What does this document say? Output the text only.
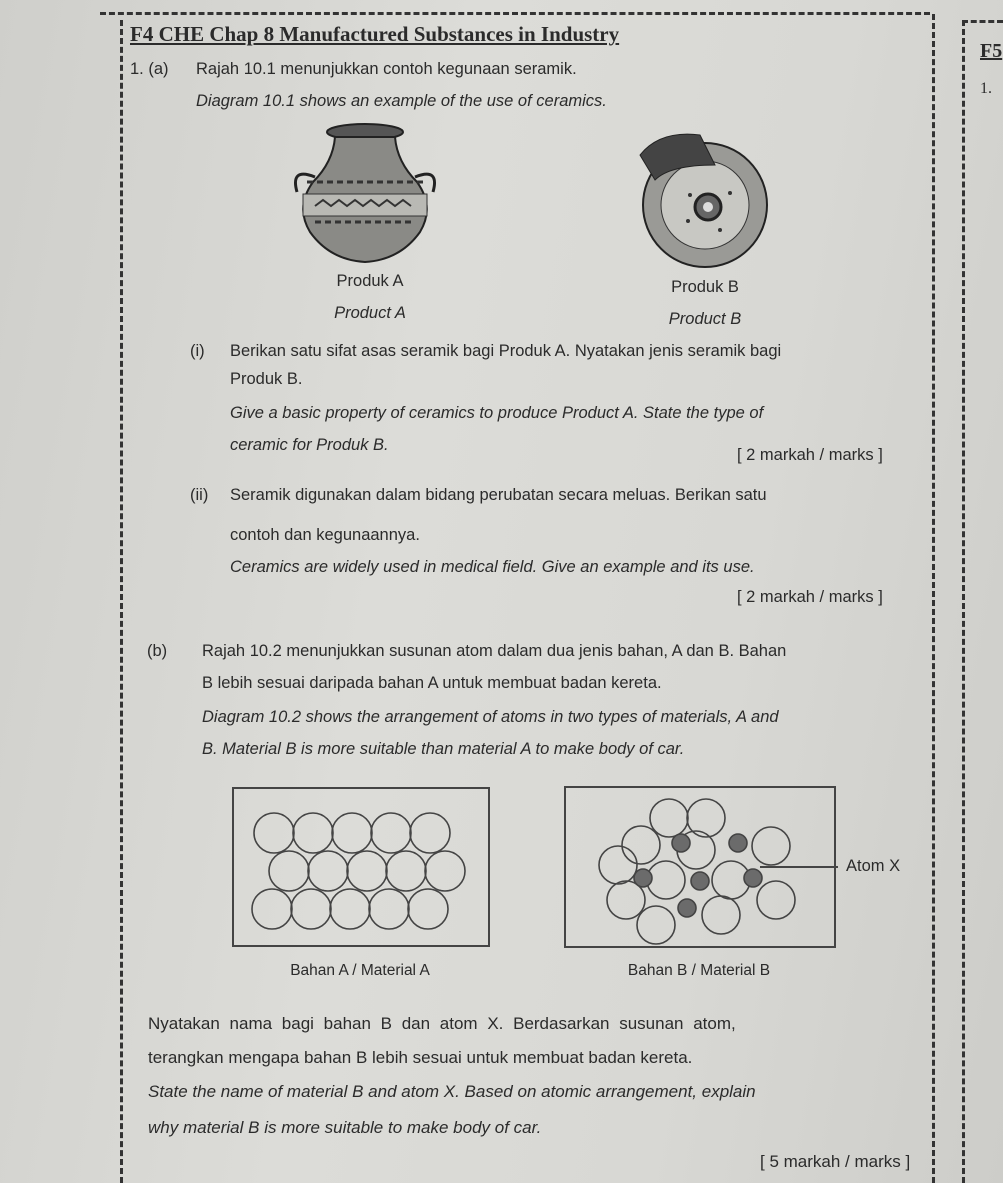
F4 CHE Chap 8 Manufactured Substances in Industry
F5
1.
1. (a) Rajah 10.1 menunjukkan contoh kegunaan seramik.
Diagram 10.1 shows an example of the use of ceramics.
Produk A
Product A
Produk B
Product B
(i) Berikan satu sifat asas seramik bagi Produk A. Nyatakan jenis seramik bagi
Produk B.
Give a basic property of ceramics to produce Product A. State the type of
ceramic for Produk B.
[ 2 markah / marks ]
(ii) Seramik digunakan dalam bidang perubatan secara meluas. Berikan satu
contoh dan kegunaannya.
Ceramics are widely used in medical field. Give an example and its use.
[ 2 markah / marks ]
(b) Rajah 10.2 menunjukkan susunan atom dalam dua jenis bahan, A dan B. Bahan
B lebih sesuai daripada bahan A untuk membuat badan kereta.
Diagram 10.2 shows the arrangement of atoms in two types of materials, A and
B. Material B is more suitable than material A to make body of car.
Atom X
Bahan A / Material A	Bahan B / Material B
Nyatakan nama bagi bahan B dan atom X. Berdasarkan susunan atom,
terangkan mengapa bahan B lebih sesuai untuk membuat badan kereta.
State the name of material B and atom X. Based on atomic arrangement, explain
why material B is more suitable to make body of car.
[ 5 markah / marks ]
